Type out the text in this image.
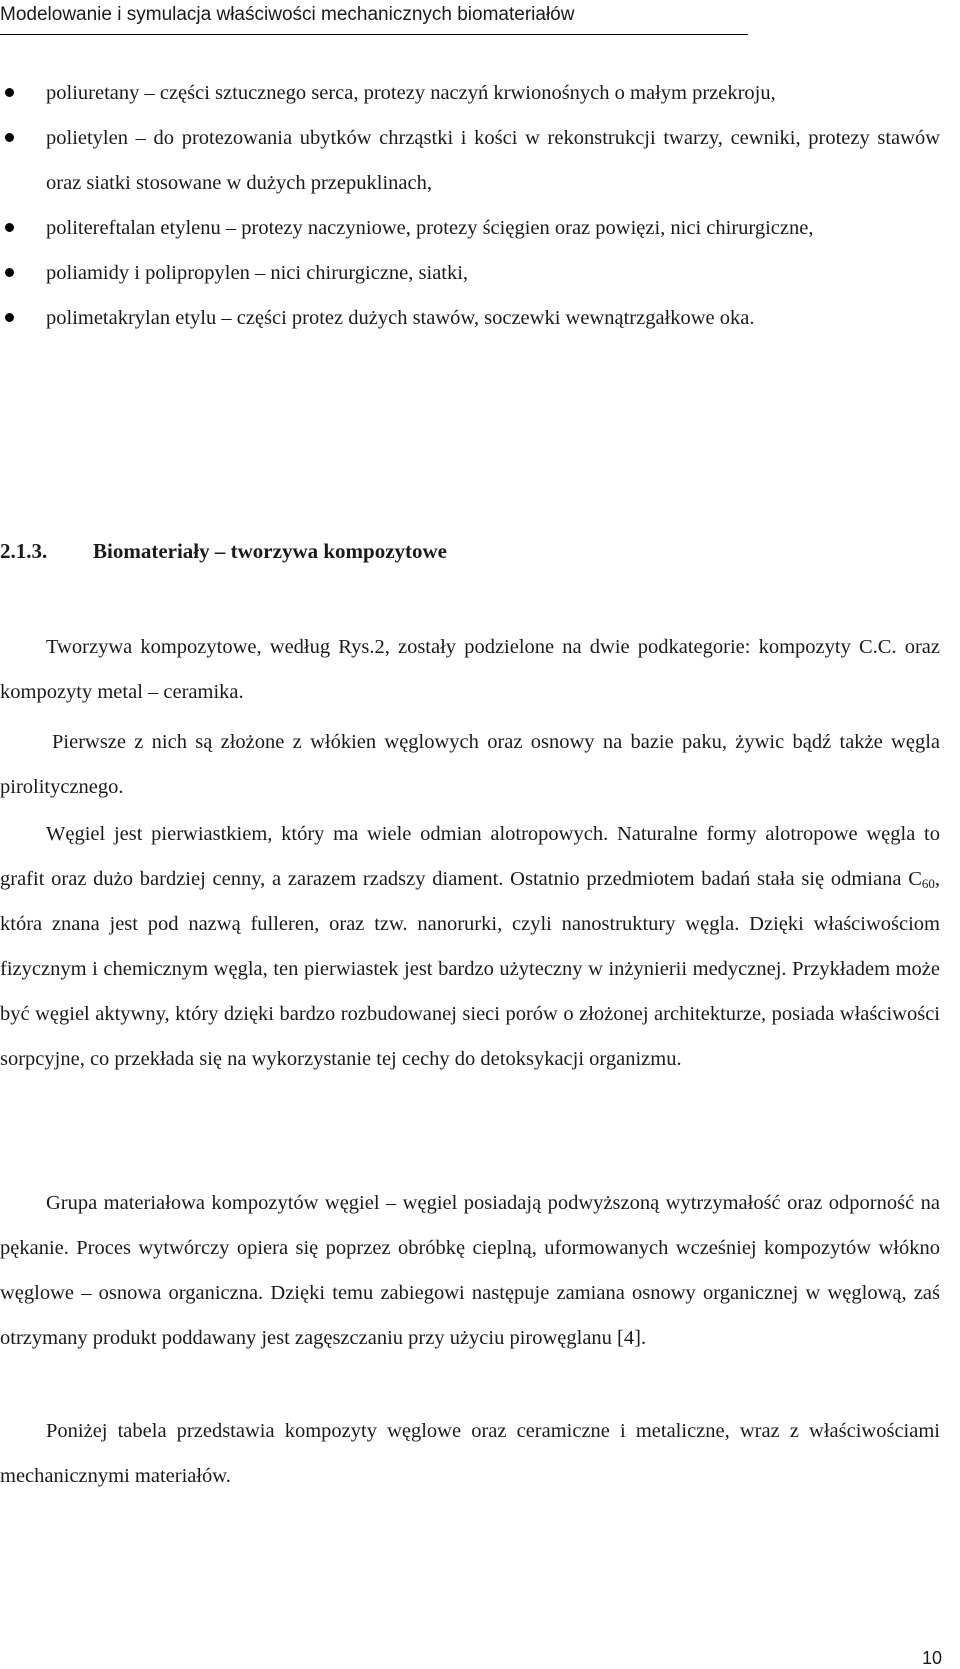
Modelowanie i symulacja właściwości mechanicznych biomateriałów
poliuretany – części sztucznego serca, protezy naczyń krwionośnych o małym przekroju,
polietylen – do protezowania ubytków chrząstki i kości w rekonstrukcji twarzy, cewniki, protezy stawów oraz siatki stosowane w dużych przepuklinach,
politereftalan etylenu – protezy naczyniowe, protezy ścięgien oraz powięzi, nici chirurgiczne,
poliamidy i polipropylen – nici chirurgiczne, siatki,
polimetakrylan etylu – części protez dużych stawów, soczewki wewnątrzgałkowe oka.
2.1.3. Biomateriały – tworzywa kompozytowe
Tworzywa kompozytowe, według Rys.2, zostały podzielone na dwie podkategorie: kompozyty C.C. oraz kompozyty metal – ceramika.
Pierwsze z nich są złożone z włókien węglowych oraz osnowy na bazie paku, żywic bądź także węgla pirolitycznego.
Węgiel jest pierwiastkiem, który ma wiele odmian alotropowych. Naturalne formy alotropowe węgla to grafit oraz dużo bardziej cenny, a zarazem rzadszy diament. Ostatnio przedmiotem badań stała się odmiana $C_{60}$, która znana jest pod nazwą fulleren, oraz tzw. nanorurki, czyli nanostruktury węgla. Dzięki właściwościom fizycznym i chemicznym węgla, ten pierwiastek jest bardzo użyteczny w inżynierii medycznej. Przykładem może być węgiel aktywny, który dzięki bardzo rozbudowanej sieci porów o złożonej architekturze, posiada właściwości sorpcyjne, co przekłada się na wykorzystanie tej cechy do detoksykacji organizmu.
Grupa materiałowa kompozytów węgiel – węgiel posiadają podwyższoną wytrzymałość oraz odporność na pękanie. Proces wytwórczy opiera się poprzez obróbkę cieplną, uformowanych wcześniej kompozytów włókno węglowe – osnowa organiczna. Dzięki temu zabiegowi następuje zamiana osnowy organicznej w węglową, zaś otrzymany produkt poddawany jest zagęszczaniu przy użyciu pirowęglanu [4].
Poniżej tabela przedstawia kompozyty węglowe oraz ceramiczne i metaliczne, wraz z właściwościami mechanicznymi materiałów.
10
